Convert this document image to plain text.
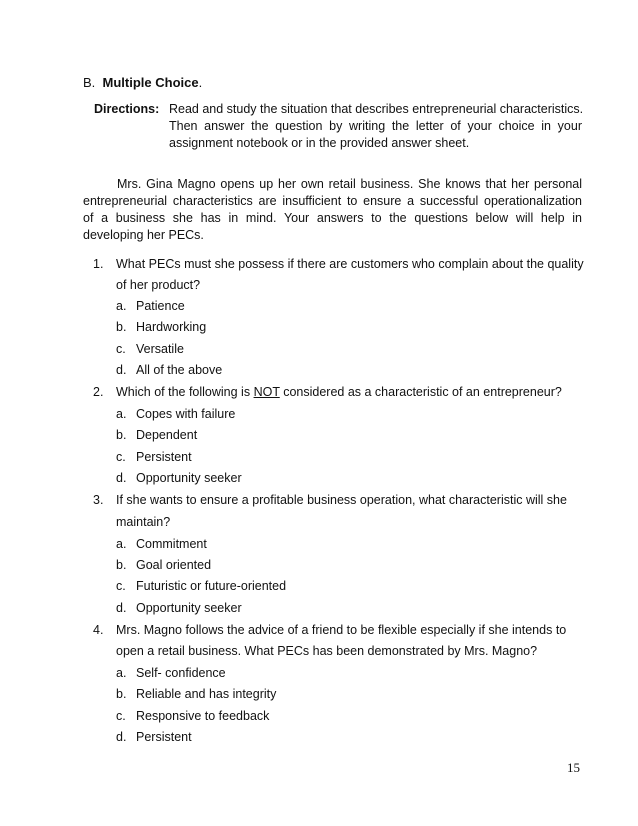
B. Multiple Choice.
Directions: Read and study the situation that describes entrepreneurial characteristics.
Then answer the question by writing the letter of your choice in your
assignment notebook or in the provided answer sheet.
Mrs. Gina Magno opens up her own retail business. She knows that her personal
entrepreneurial characteristics are insufficient to ensure a successful operationalization
of a business she has in mind. Your answers to the questions below will help in
developing her PECs.
1. What PECs must she possess if there are customers who complain about the quality
of her product?
a. Patience
b. Hardworking
c. Versatile
d. All of the above
2. Which of the following is NOT considered as a characteristic of an entrepreneur?
a. Copes with failure
b. Dependent
c. Persistent
d. Opportunity seeker
3. If she wants to ensure a profitable business operation, what characteristic will she
maintain?
a. Commitment
b. Goal oriented
c. Futuristic or future-oriented
d. Opportunity seeker
4. Mrs. Magno follows the advice of a friend to be flexible especially if she intends to
open a retail business. What PECs has been demonstrated by Mrs. Magno?
a. Self- confidence
b. Reliable and has integrity
c. Responsive to feedback
d. Persistent
15
